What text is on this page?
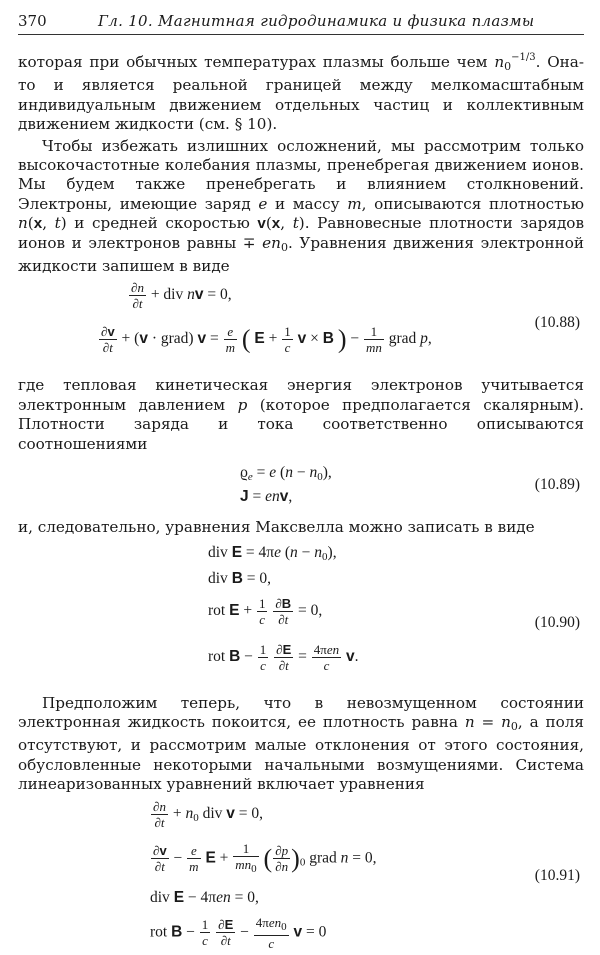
370	Гл. 10. Магнитная гидродинамика и физика плазмы

которая при обычных температурах плазмы больше чем $n_0^{-1/3}$. Она-то и является реальной границей между мелкомасштабным индивидуальным движением отдельных частиц и коллективным движением жидкости (см. § 10).

Чтобы избежать излишних осложнений, мы рассмотрим только высокочастотные колебания плазмы, пренебрегая движением ионов. Мы будем также пренебрегать и влиянием столкновений. Электроны, имеющие заряд e и массу m, описываются плотностью n(x, t) и средней скоростью v(x, t). Равновесные плотности зарядов ионов и электронов равны ∓ $en_0$. Уравнения движения электронной жидкости запишем в виде

$\frac{\partial n}{\partial t}$ + div nv = 0,
$\frac{\partial v}{\partial t} + (v$ · grad) $v = \frac{e}{m}$ ( $E + \frac{1}{c}$ v × B ) − $\frac{1}{mn}$ grad p,
(10.88)

где тепловая кинетическая энергия электронов учитывается электронным давлением p (которое предполагается скалярным). Плотности заряда и тока соответственно описываются соотношениями

$ϱ_e = e$ $(n - n_0)$,
J = env,
(10.89)

и, следовательно, уравнения Максвелла можно записать в виде

div E = 4πe $(n - n_0)$,
div B = 0,
rot $E + \frac{1}{c}$
$\frac{\partial B}{\partial t} = 0$,
rot $B - \frac{1}{c}$
$\frac{\partial E}{\partial t} = \frac{\text{4πen}}{c} v$.
(10.90)

Предположим теперь, что в невозмущенном состоянии электронная жидкость покоится, ее плотность равна $n = n_0$, а поля отсутствуют, и рассмотрим малые отклонения от этого состояния, обусловленные некоторыми начальными возмущениями. Система линеаризованных уравнений включает уравнения

$\frac{\partial n}{\partial t} + n_0$ div v = 0,
$\frac{\partial v}{\partial t} - \frac{e}{m}$ $E + \frac{1}{mn_0}$ ( $\frac{\partial p}{\partial n} )_0$ grad n = 0,
div E − 4πen = 0,
rot $B - \frac{1}{c}$
$\frac{\partial E}{\partial t} - \frac{4\pi en_0}{c}$ v = 0
(10.91)
